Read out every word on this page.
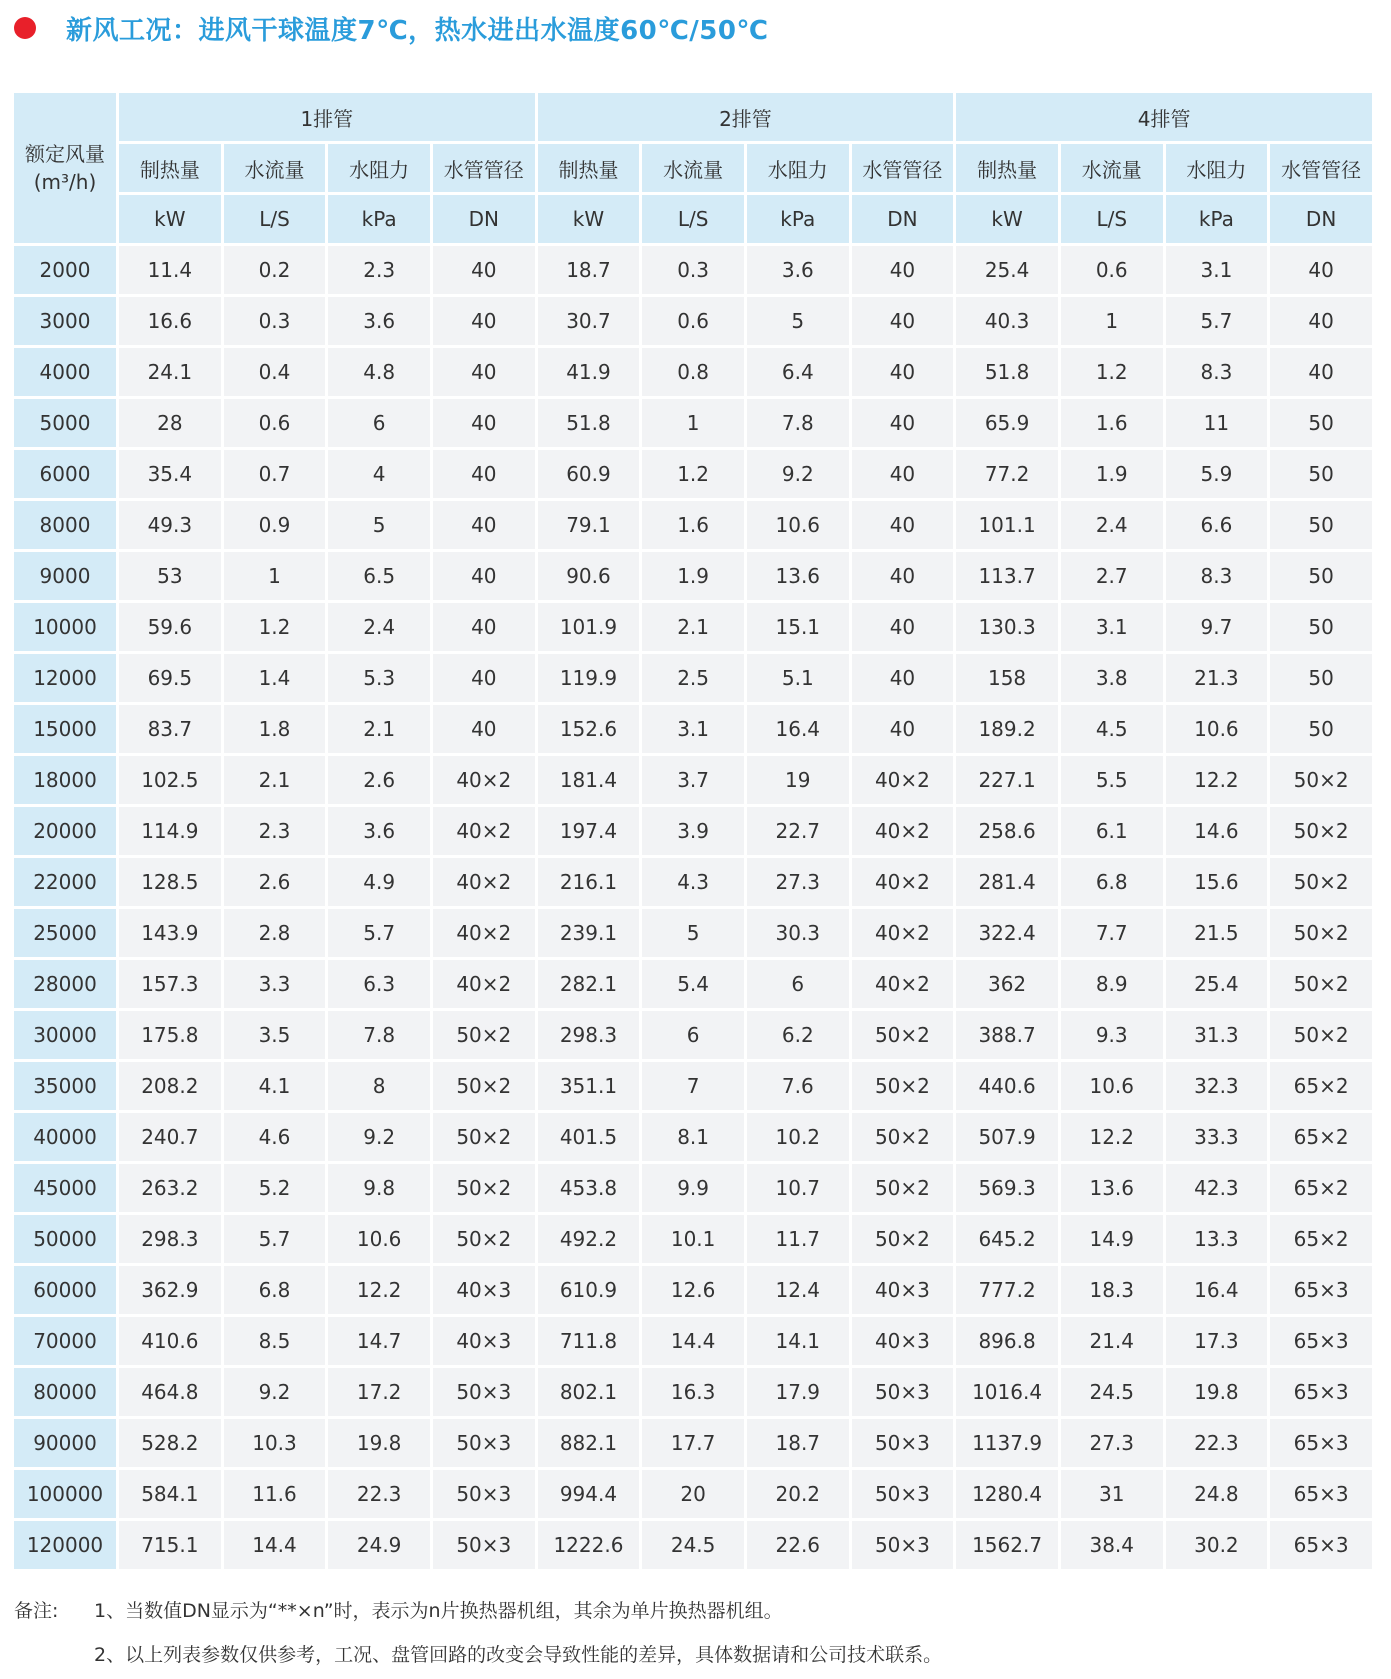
新风工况：进风干球温度7℃，热水进出水温度60℃/50℃
额定风量
(m³/h)	1排管				2排管				4排管			
	制热量	水流量	水阻力	水管管径	制热量	水流量	水阻力	水管管径	制热量	水流量	水阻力	水管管径
	kW	L/S	kPa	DN	kW	L/S	kPa	DN	kW	L/S	kPa	DN
2000	11.4	0.2	2.3	40	18.7	0.3	3.6	40	25.4	0.6	3.1	40
3000	16.6	0.3	3.6	40	30.7	0.6	5	40	40.3	1	5.7	40
4000	24.1	0.4	4.8	40	41.9	0.8	6.4	40	51.8	1.2	8.3	40
5000	28	0.6	6	40	51.8	1	7.8	40	65.9	1.6	11	50
6000	35.4	0.7	4	40	60.9	1.2	9.2	40	77.2	1.9	5.9	50
8000	49.3	0.9	5	40	79.1	1.6	10.6	40	101.1	2.4	6.6	50
9000	53	1	6.5	40	90.6	1.9	13.6	40	113.7	2.7	8.3	50
10000	59.6	1.2	2.4	40	101.9	2.1	15.1	40	130.3	3.1	9.7	50
12000	69.5	1.4	5.3	40	119.9	2.5	5.1	40	158	3.8	21.3	50
15000	83.7	1.8	2.1	40	152.6	3.1	16.4	40	189.2	4.5	10.6	50
18000	102.5	2.1	2.6	40×2	181.4	3.7	19	40×2	227.1	5.5	12.2	50×2
20000	114.9	2.3	3.6	40×2	197.4	3.9	22.7	40×2	258.6	6.1	14.6	50×2
22000	128.5	2.6	4.9	40×2	216.1	4.3	27.3	40×2	281.4	6.8	15.6	50×2
25000	143.9	2.8	5.7	40×2	239.1	5	30.3	40×2	322.4	7.7	21.5	50×2
28000	157.3	3.3	6.3	40×2	282.1	5.4	6	40×2	362	8.9	25.4	50×2
30000	175.8	3.5	7.8	50×2	298.3	6	6.2	50×2	388.7	9.3	31.3	50×2
35000	208.2	4.1	8	50×2	351.1	7	7.6	50×2	440.6	10.6	32.3	65×2
40000	240.7	4.6	9.2	50×2	401.5	8.1	10.2	50×2	507.9	12.2	33.3	65×2
45000	263.2	5.2	9.8	50×2	453.8	9.9	10.7	50×2	569.3	13.6	42.3	65×2
50000	298.3	5.7	10.6	50×2	492.2	10.1	11.7	50×2	645.2	14.9	13.3	65×2
60000	362.9	6.8	12.2	40×3	610.9	12.6	12.4	40×3	777.2	18.3	16.4	65×3
70000	410.6	8.5	14.7	40×3	711.8	14.4	14.1	40×3	896.8	21.4	17.3	65×3
80000	464.8	9.2	17.2	50×3	802.1	16.3	17.9	50×3	1016.4	24.5	19.8	65×3
90000	528.2	10.3	19.8	50×3	882.1	17.7	18.7	50×3	1137.9	27.3	22.3	65×3
100000	584.1	11.6	22.3	50×3	994.4	20	20.2	50×3	1280.4	31	24.8	65×3
120000	715.1	14.4	24.9	50×3	1222.6	24.5	22.6	50×3	1562.7	38.4	30.2	65×3
备注: 1、当数值DN显示为“**×n”时，表示为n片换热器机组，其余为单片换热器机组。
2、以上列表参数仅供参考，工况、盘管回路的改变会导致性能的差异，具体数据请和公司技术联系。
